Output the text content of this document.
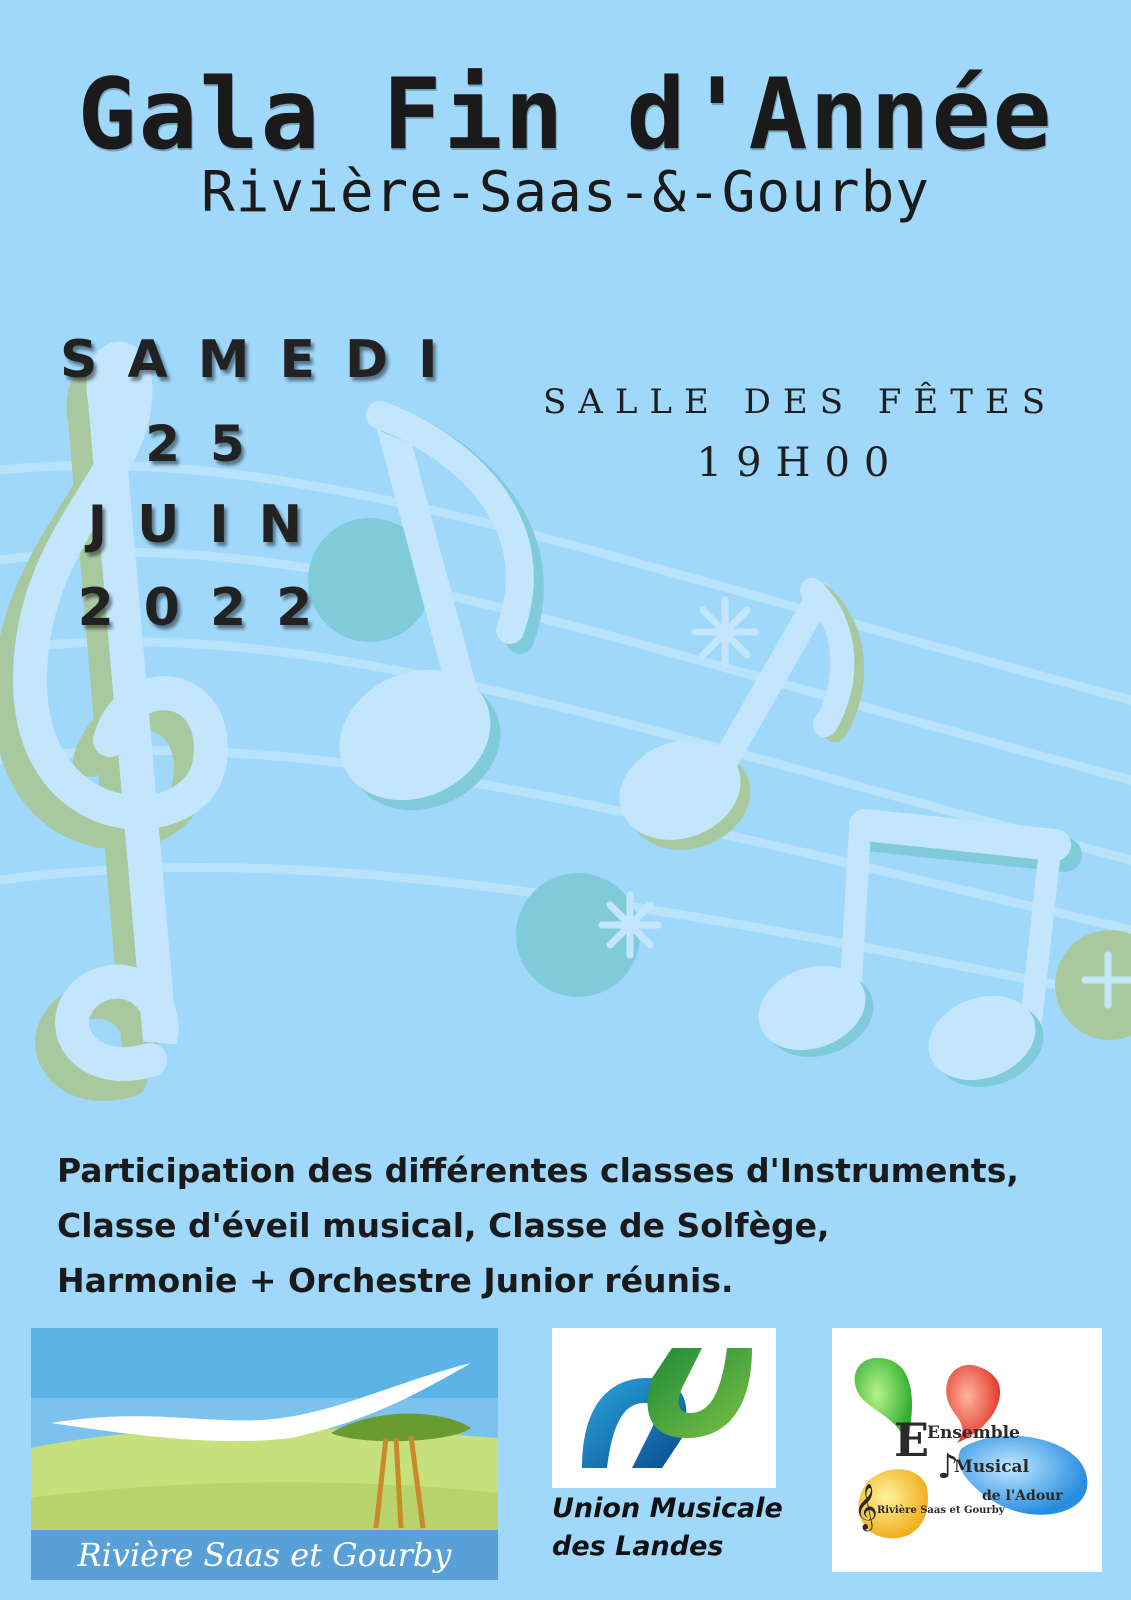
Gala Fin d'Année
Rivière-Saas-&-Gourby
SAMEDI
25
JUIN
2022
SALLE DES FÊTES
19H00
Participation des différentes classes d'Instruments,
Classe d'éveil musical, Classe de Solfège,
Harmonie + Orchestre Junior réunis.
Rivière Saas et Gourby
Union Musicale
des Landes
E
Ensemble
Musical
de l'Adour
♪
𝄞 Rivière Saas et Gourby
